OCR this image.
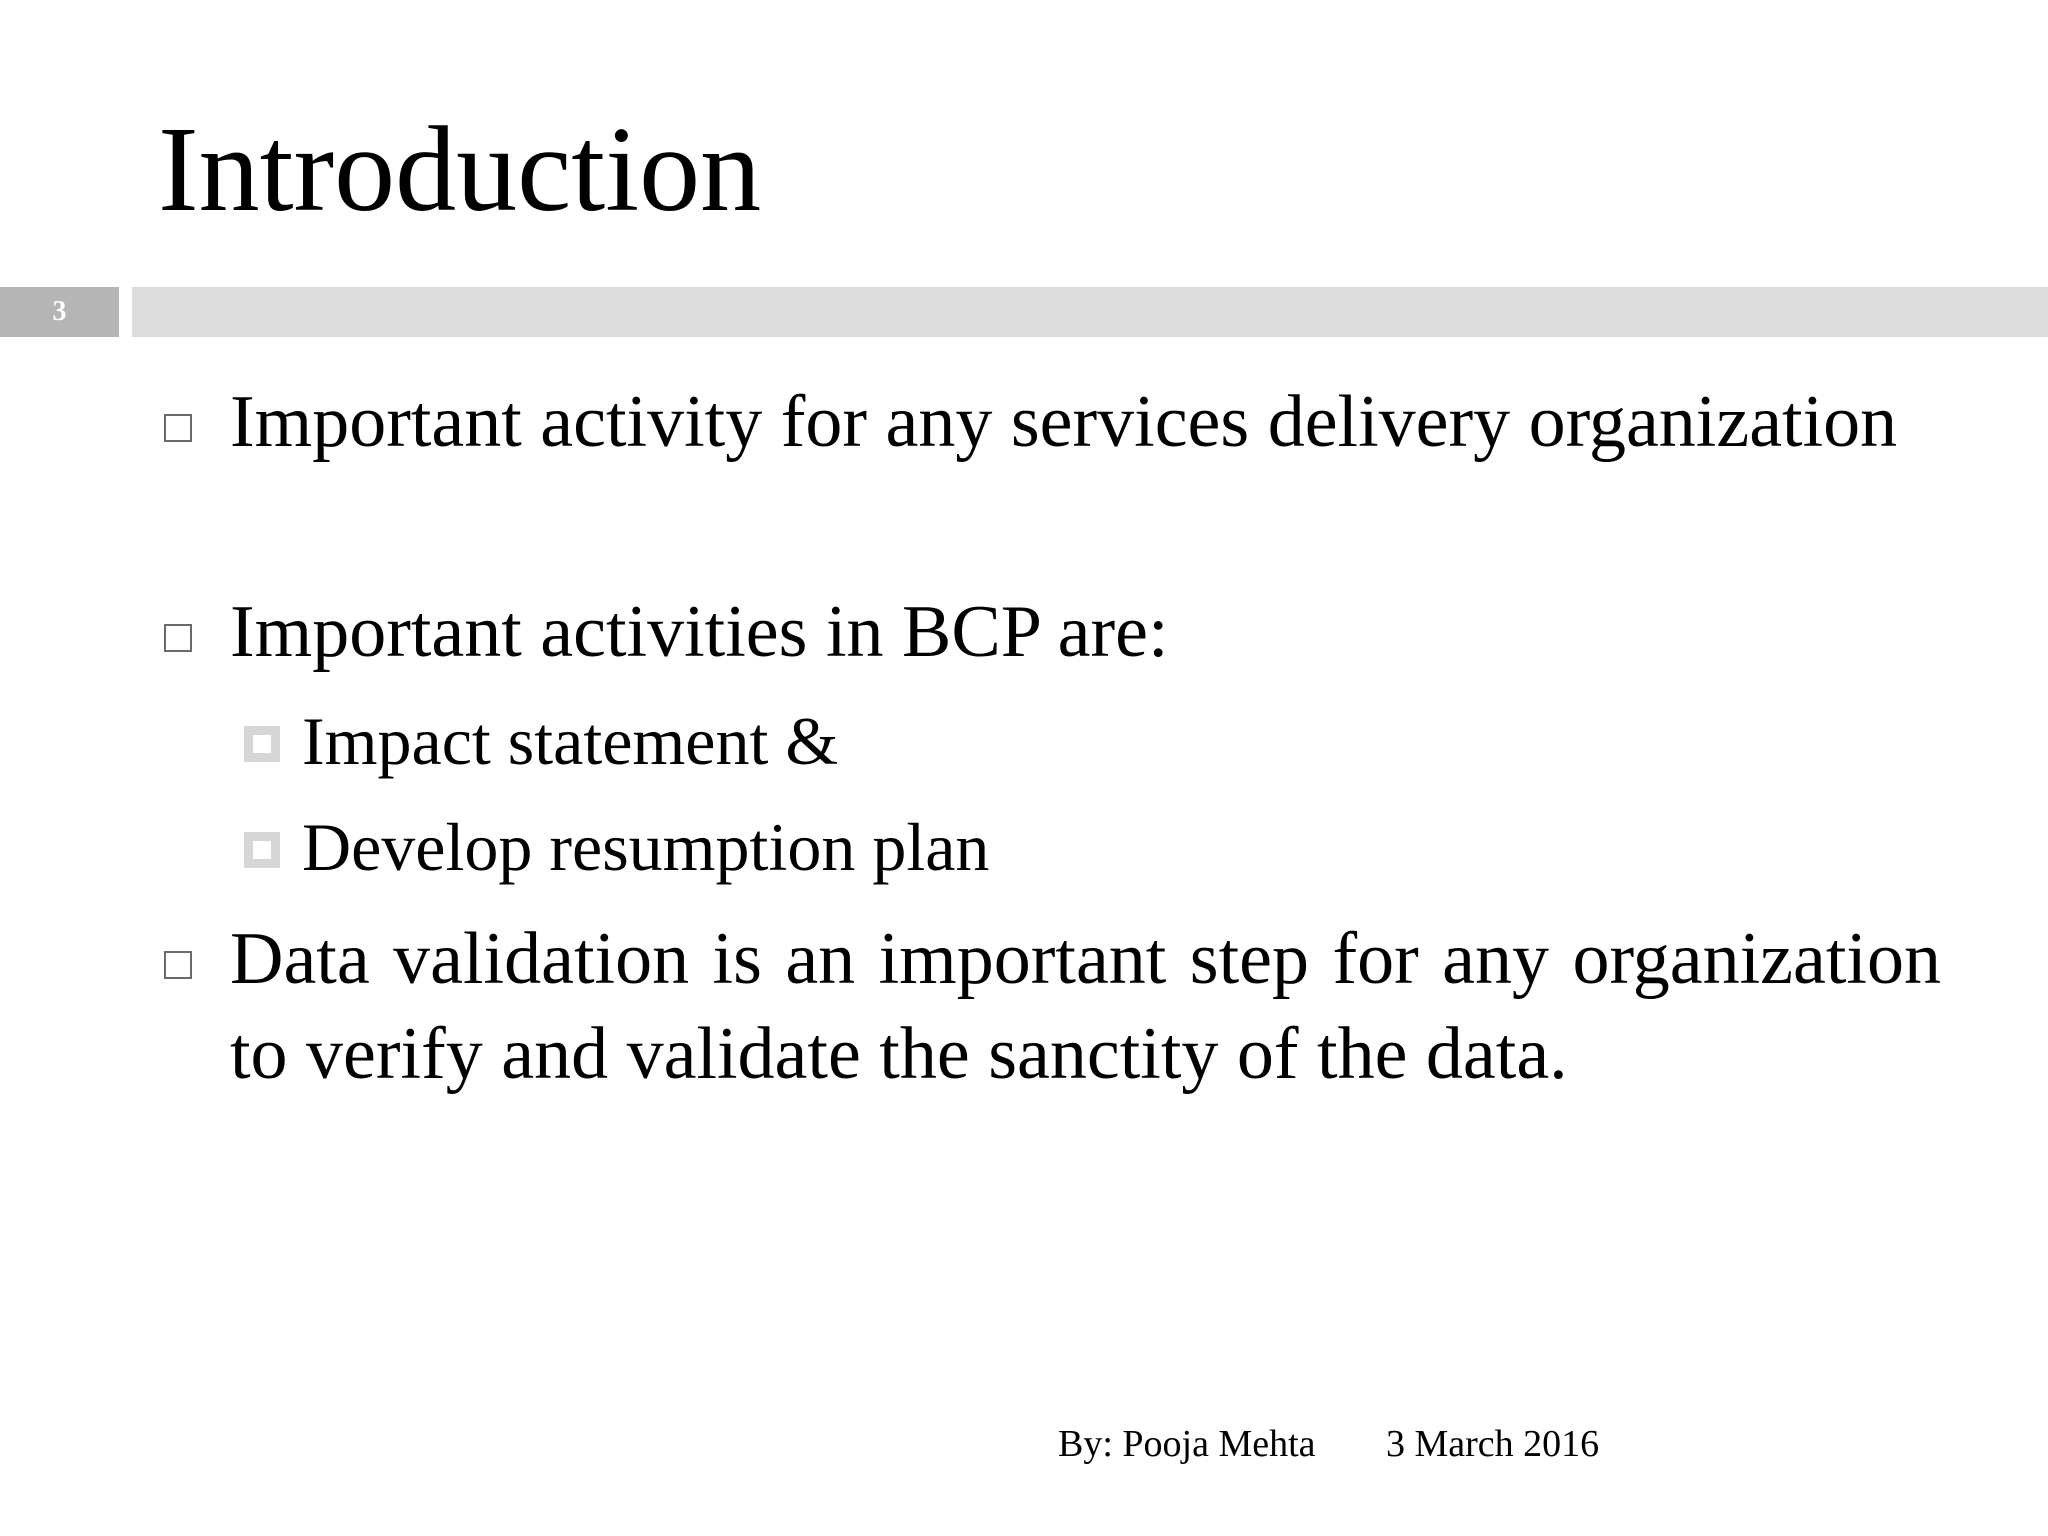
Introduction
3
Important activity for any services delivery organization
Important activities in BCP are:
Impact statement &
Develop resumption plan
Data validation is an important step for any organization to verify and validate the sanctity of the data.
By: Pooja Mehta 3 March 2016
